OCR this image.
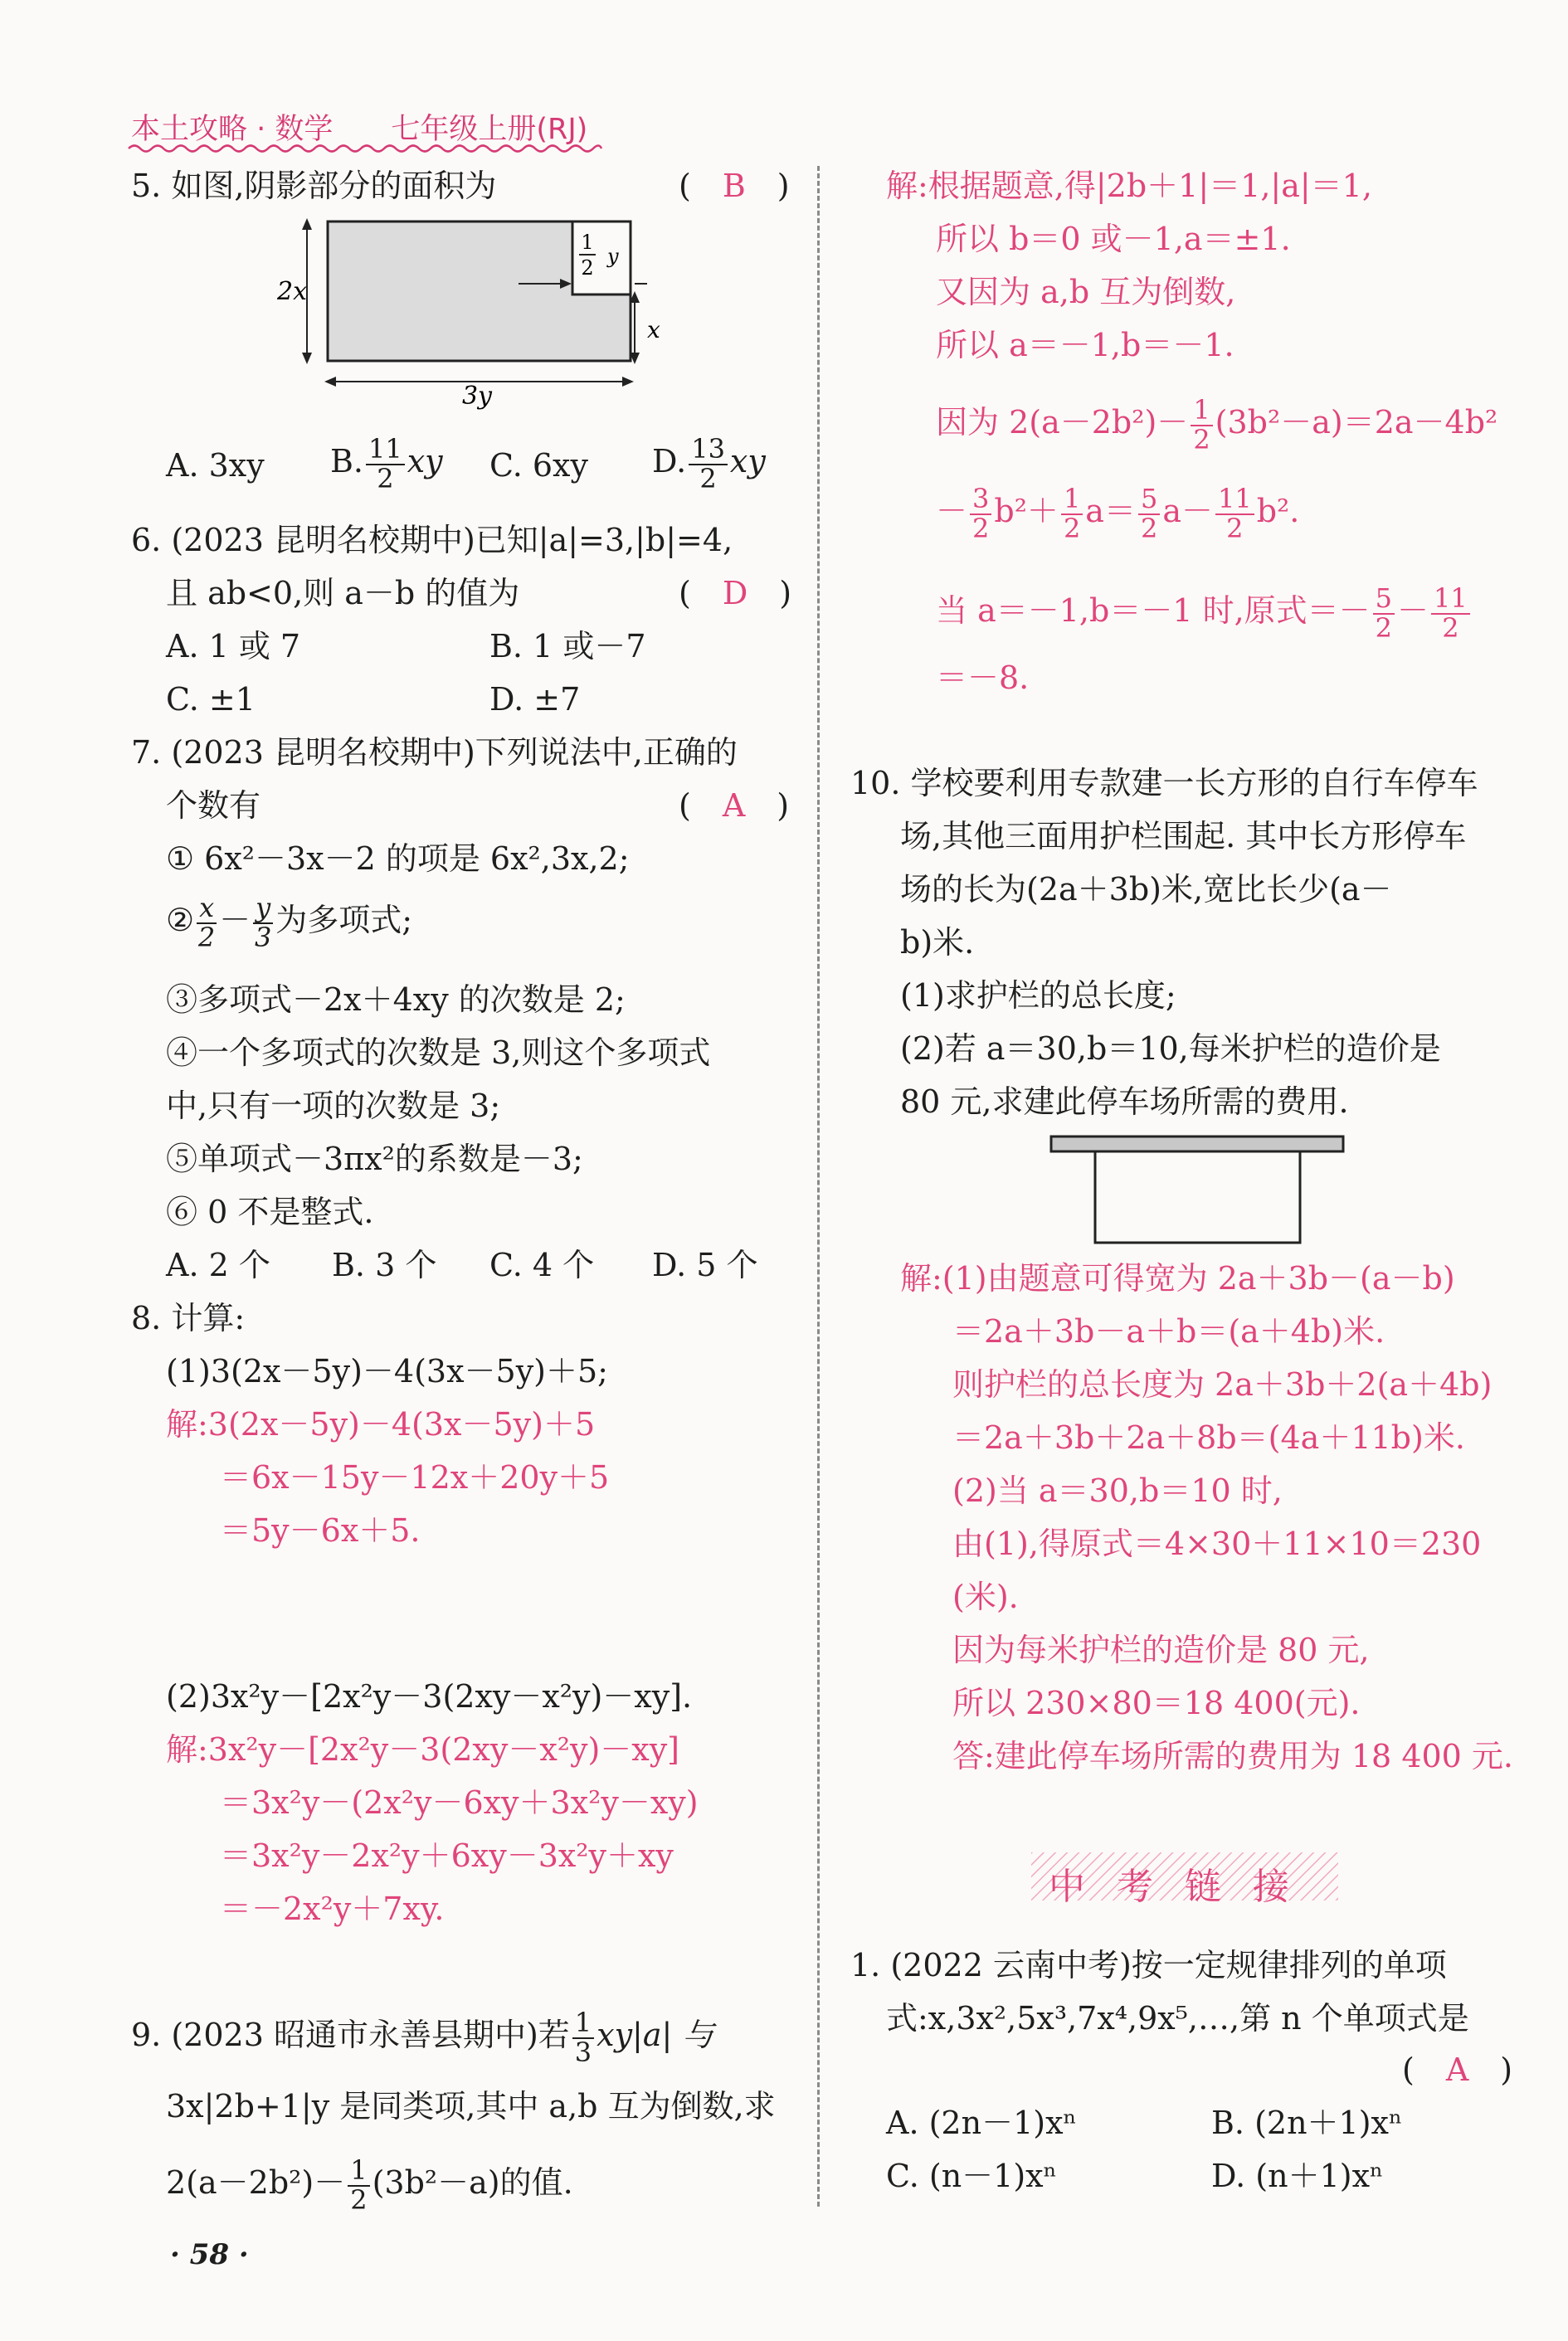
本土攻略 · 数学　　七年级上册(RJ)
5. 如图,阴影部分的面积为	(　B　)
2x
3y
1
2 y
x
A. 3xy B. $\frac{11}{2}$ xy C. 6xy D. $\frac{13}{2}$ xy
6. (2023 昆明名校期中)已知|a|=3,|b|=4,
且 ab<0,则 a－b 的值为	(　D　)
A. 1 或 7	B. 1 或－7
C. ±1	D. ±7
7. (2023 昆明名校期中)下列说法中,正确的
个数有	(　A　)
① 6x²－3x－2 的项是 6x²,3x,2;
② $\frac{x}{2} - \frac{y}{3}$ 为多项式;
③多项式－2x＋4xy 的次数是 2;
④一个多项式的次数是 3,则这个多项式
中,只有一项的次数是 3;
⑤单项式－3πx²的系数是－3;
⑥ 0 不是整式.
A. 2 个 B. 3 个 C. 4 个 D. 5 个
8. 计算:
(1)3(2x－5y)－4(3x－5y)＋5;
解:3(2x－5y)－4(3x－5y)＋5
＝6x－15y－12x＋20y＋5
＝5y－6x＋5.
(2)3x²y－[2x²y－3(2xy－x²y)－xy].
解:3x²y－[2x²y－3(2xy－x²y)－xy]
＝3x²y－(2x²y－6xy＋3x²y－xy)
＝3x²y－2x²y＋6xy－3x²y＋xy
＝－2x²y＋7xy.
9. (2023 昭通市永善县期中)若 $\frac{1}{3} xy|a|$ 与
3x|2b+1|y 是同类项,其中 a,b 互为倒数,求
$2(a-2b^2)- \frac{1}{2} (3b^2-a)$的值.
· 58 ·
解:根据题意,得|2b＋1|＝1,|a|＝1,
所以 b＝0 或－1,a＝±1.
又因为 a,b 互为倒数,
所以 a＝－1,b＝－1.
因为 $2(a-2b^2)- \frac{1}{2} (3b^2-a)=2a-4b^2$
－ $\frac{3}{2} b^2+ \frac{1}{2} a= \frac{5}{2} a- \frac{11}{2} b^2$.
当 a＝－1,b＝－1 时,原式＝－ $\frac{5}{2} - \frac{11}{2}$
＝－8.
10. 学校要利用专款建一长方形的自行车停车
场,其他三面用护栏围起. 其中长方形停车
场的长为(2a＋3b)米,宽比长少(a－
b)米.
(1)求护栏的总长度;
(2)若 a＝30,b＝10,每米护栏的造价是
80 元,求建此停车场所需的费用.
解:(1)由题意可得宽为 2a＋3b－(a－b)
＝2a＋3b－a＋b＝(a＋4b)米.
则护栏的总长度为 2a＋3b＋2(a＋4b)
＝2a＋3b＋2a＋8b＝(4a＋11b)米.
(2)当 a＝30,b＝10 时,
由(1),得原式＝4×30＋11×10＝230
(米).
因为每米护栏的造价是 80 元,
所以 230×80＝18 400(元).
答:建此停车场所需的费用为 18 400 元.
中考链接
1. (2022 云南中考)按一定规律排列的单项
式:x,3x²,5x³,7x⁴,9x⁵,…,第 n 个单项式是
(　A　)
A. (2n－1)xⁿ	B. (2n＋1)xⁿ
C. (n－1)xⁿ	D. (n＋1)xⁿ
